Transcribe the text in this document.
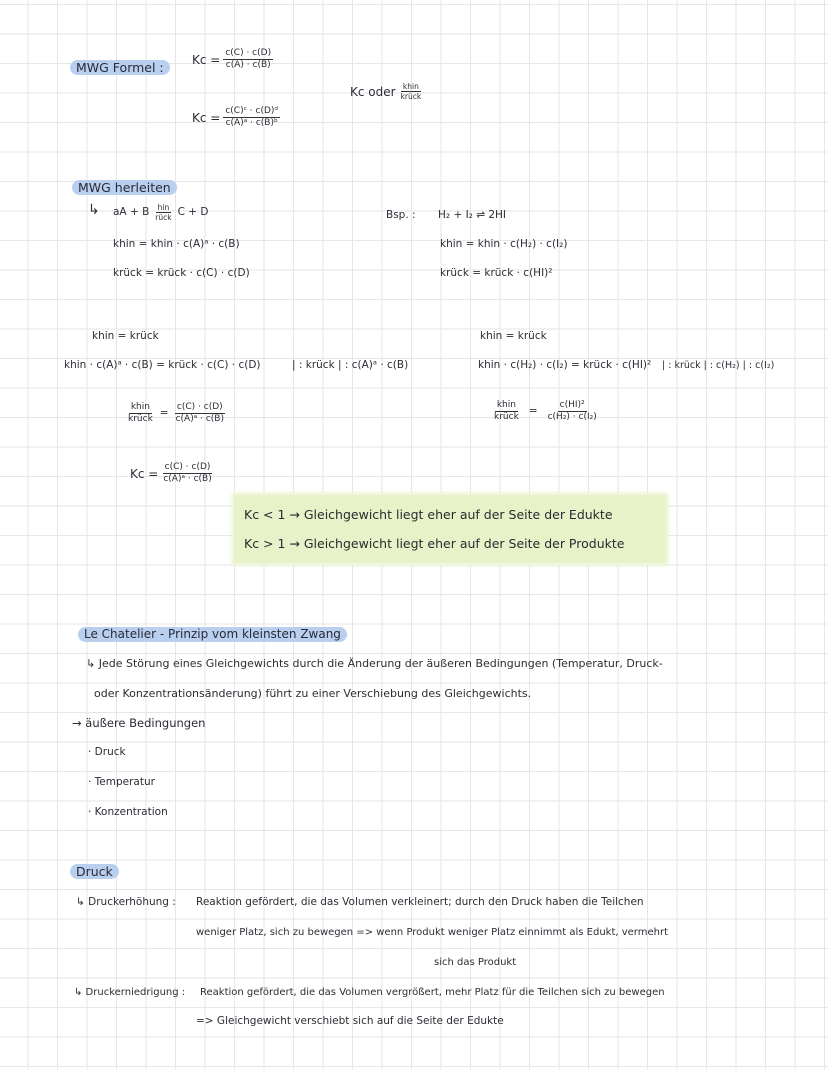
MWG Formel :
$Kc = \frac{c(C) \cdot c(D)}{c(A) \cdot c(B)}$
Kc oder $\frac{\text{khin}}{\text{krück}}$
$Kc = \frac{\text{c(C)ᶜ · c(D)ᵈ}}{\text{c(A)ᵃ · c(B)ᵇ}}$
MWG herleiten
↳ aA + B $\frac{\text{hin}}{\text{rück}}$ C + D
khin = khin · c(A)ᵃ · c(B)
krück = krück · c(C) · c(D)
Bsp. : H₂ + I₂ ⇌ 2HI
khin = khin · c(H₂) · c(I₂)
krück = krück · c(HI)²
khin = krück
khin · c(A)ᵃ · c(B) = krück · c(C) · c(D)	| : krück | : c(A)ᵃ · c(B)
$\frac{\text{khin}}{\text{krück}} = \frac{c(C) \cdot c(D)}{\text{c(A)ᵃ · c(B)}}$
$Kc = \frac{c(C) \cdot c(D)}{\text{c(A)ᵃ · c(B)}}$
khin = krück
khin · c(H₂) · c(I₂) = krück · c(HI)² | : krück | : c(H₂) | : c(I₂)
$\frac{\text{khin}}{\text{krück}} = \frac{\text{c(HI)²}}{\text{c(H₂) · c(I₂)}}$
Kc < 1 → Gleichgewicht liegt eher auf der Seite der Edukte
Kc > 1 → Gleichgewicht liegt eher auf der Seite der Produkte
Le Chatelier - Prinzip vom kleinsten Zwang
↳ Jede Störung eines Gleichgewichts durch die Änderung der äußeren Bedingungen (Temperatur, Druck-
oder Konzentrationsänderung) führt zu einer Verschiebung des Gleichgewichts.
→ äußere Bedingungen
· Druck
· Temperatur
· Konzentration
Druck
↳ Druckerhöhung : Reaktion gefördert, die das Volumen verkleinert; durch den Druck haben die Teilchen
weniger Platz, sich zu bewegen => wenn Produkt weniger Platz einnimmt als Edukt, vermehrt
sich das Produkt
↳ Druckerniedrigung : Reaktion gefördert, die das Volumen vergrößert, mehr Platz für die Teilchen sich zu bewegen
=> Gleichgewicht verschiebt sich auf die Seite der Edukte
